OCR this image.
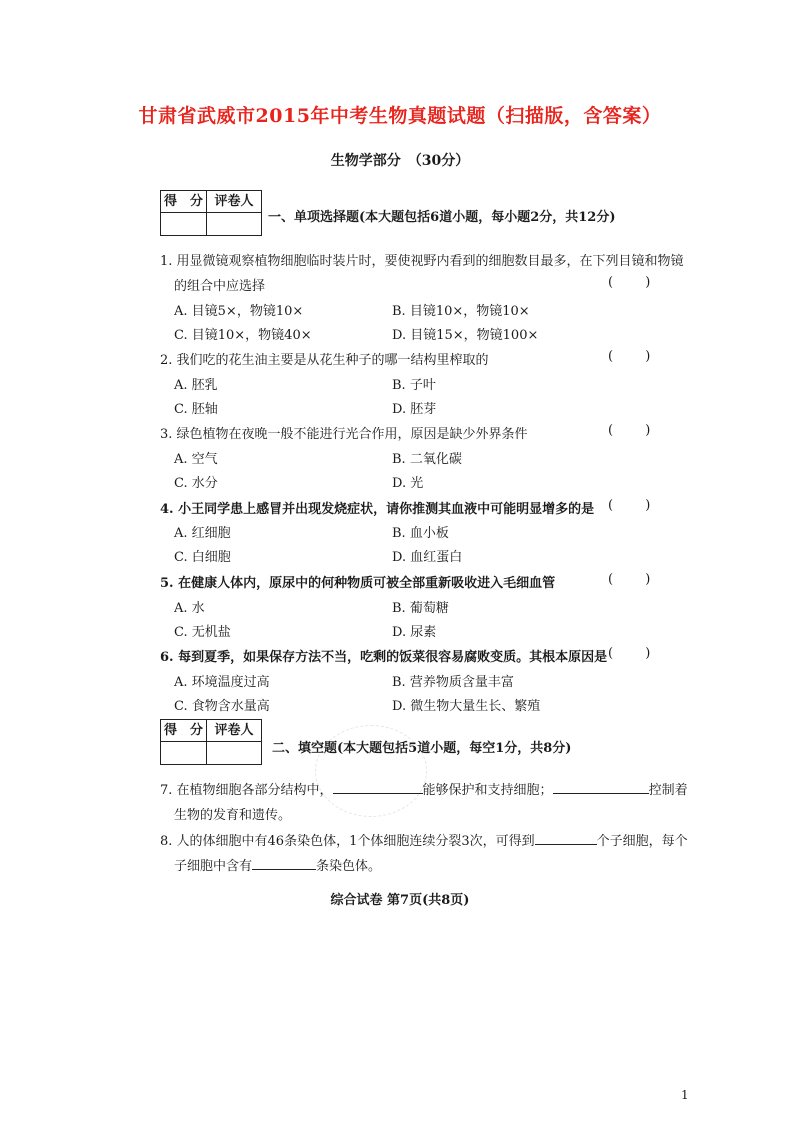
甘肃省武威市2015年中考生物真题试题（扫描版，含答案）
生物学部分　（30分）
得　分 评卷人
一、单项选择题(本大题包括6道小题，每小题2分，共12分)
1. 用显微镜观察植物细胞临时装片时，要使视野内看到的细胞数目最多，在下列目镜和物镜
的组合中应选择	( )
A. 目镜5×，物镜10×	B. 目镜10×，物镜10×
C. 目镜10×，物镜40×	D. 目镜15×，物镜100×
2. 我们吃的花生油主要是从花生种子的哪一结构里榨取的	( )
A. 胚乳	B. 子叶
C. 胚轴	D. 胚芽
3. 绿色植物在夜晚一般不能进行光合作用，原因是缺少外界条件	( )
A. 空气	B. 二氧化碳
C. 水分	D. 光
4. 小王同学患上感冒并出现发烧症状，请你推测其血液中可能明显增多的是 ( )
A. 红细胞	B. 血小板
C. 白细胞	D. 血红蛋白
5. 在健康人体内，原尿中的何种物质可被全部重新吸收进入毛细血管	( )
A. 水	B. 葡萄糖
C. 无机盐	D. 尿素
6. 每到夏季，如果保存方法不当，吃剩的饭菜很容易腐败变质。其根本原因是 ( )
A. 环境温度过高	B. 营养物质含量丰富
C. 食物含水量高	D. 微生物大量生长、繁殖
得　分 评卷人
二、填空题(本大题包括5道小题，每空1分，共8分)
7. 在植物细胞各部分结构中，	能够保护和支持细胞；	控制着
生物的发育和遗传。
8. 人的体细胞中有46条染色体，1个体细胞连续分裂3次，可得到	个子细胞，每个
子细胞中含有	条染色体。
综合试卷 第7页(共8页)
1
